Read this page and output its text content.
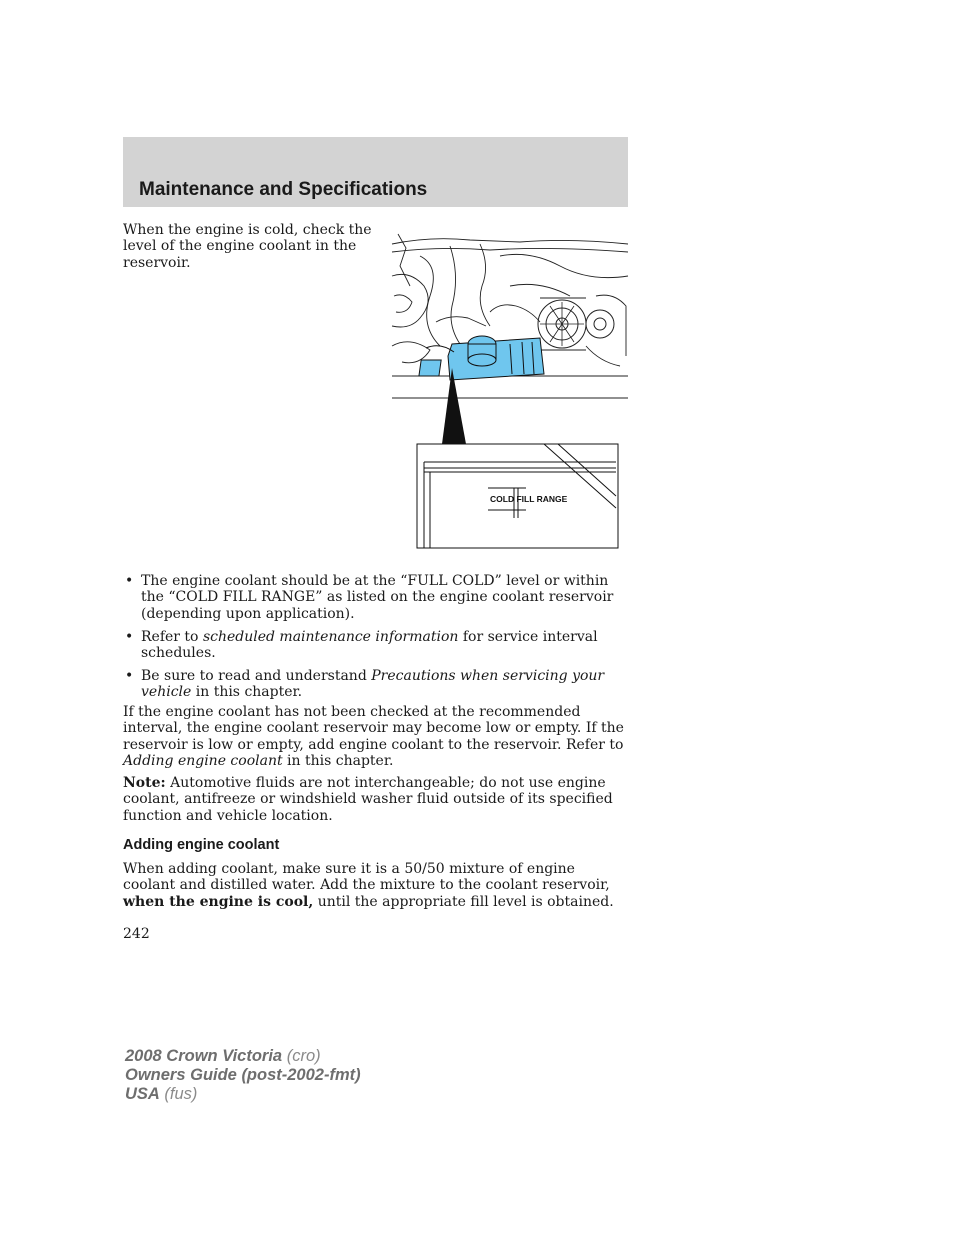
Maintenance and Specifications
When the engine is cold, check the level of the engine coolant in the reservoir.
COLD FILL RANGE
• The engine coolant should be at the “FULL COLD” level or within the “COLD FILL RANGE” as listed on the engine coolant reservoir (depending upon application).
• Refer to scheduled maintenance information for service interval schedules.
• Be sure to read and understand Precautions when servicing your vehicle in this chapter.

If the engine coolant has not been checked at the recommended interval, the engine coolant reservoir may become low or empty. If the reservoir is low or empty, add engine coolant to the reservoir. Refer to Adding engine coolant in this chapter.

Note: Automotive fluids are not interchangeable; do not use engine coolant, antifreeze or windshield washer fluid outside of its specified function and vehicle location.

Adding engine coolant

When adding coolant, make sure it is a 50/50 mixture of engine coolant and distilled water. Add the mixture to the coolant reservoir, when the engine is cool, until the appropriate fill level is obtained.

242
2008 Crown Victoria (cro)
Owners Guide (post-2002-fmt)
USA (fus)
